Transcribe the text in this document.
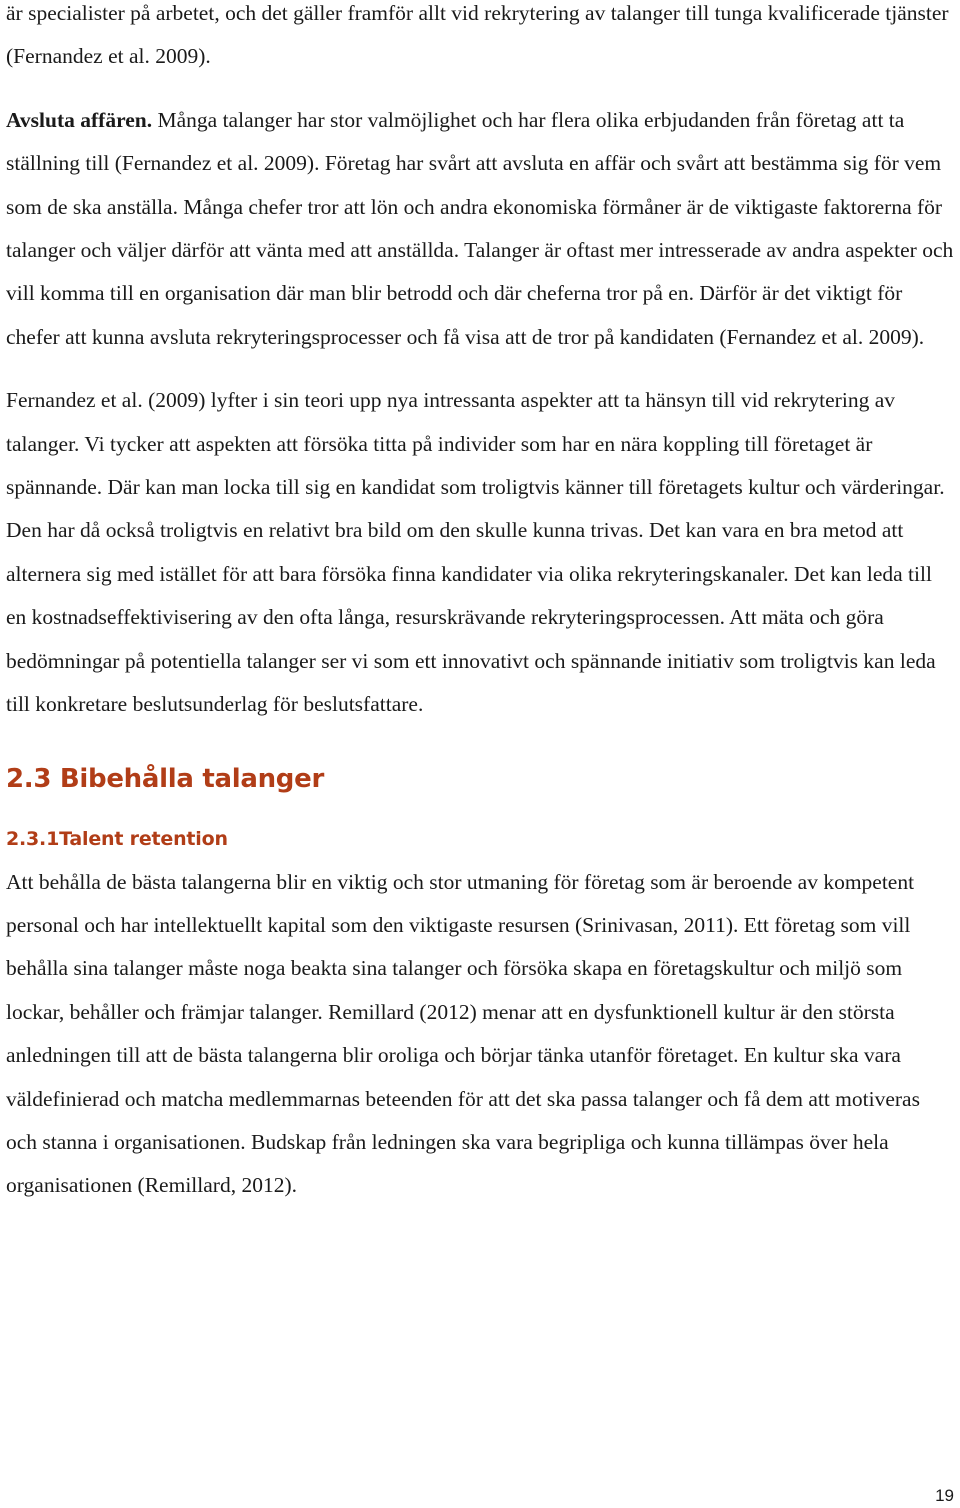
är specialister på arbetet, och det gäller framför allt vid rekrytering av talanger till tunga kvalificerade tjänster (Fernandez et al. 2009).

Avsluta affären. Många talanger har stor valmöjlighet och har flera olika erbjudanden från företag att ta ställning till (Fernandez et al. 2009). Företag har svårt att avsluta en affär och svårt att bestämma sig för vem som de ska anställa. Många chefer tror att lön och andra ekonomiska förmåner är de viktigaste faktorerna för talanger och väljer därför att vänta med att anställda. Talanger är oftast mer intresserade av andra aspekter och vill komma till en organisation där man blir betrodd och där cheferna tror på en. Därför är det viktigt för chefer att kunna avsluta rekryteringsprocesser och få visa att de tror på kandidaten (Fernandez et al. 2009).

Fernandez et al. (2009) lyfter i sin teori upp nya intressanta aspekter att ta hänsyn till vid rekrytering av talanger. Vi tycker att aspekten att försöka titta på individer som har en nära koppling till företaget är spännande. Där kan man locka till sig en kandidat som troligtvis känner till företagets kultur och värderingar. Den har då också troligtvis en relativt bra bild om den skulle kunna trivas. Det kan vara en bra metod att alternera sig med istället för att bara försöka finna kandidater via olika rekryteringskanaler. Det kan leda till en kostnadseffektivisering av den ofta långa, resurskrävande rekryteringsprocessen. Att mäta och göra bedömningar på potentiella talanger ser vi som ett innovativt och spännande initiativ som troligtvis kan leda till konkretare beslutsunderlag för beslutsfattare.

2.3 Bibehålla talanger
2.3.1Talent retention

Att behålla de bästa talangerna blir en viktig och stor utmaning för företag som är beroende av kompetent personal och har intellektuellt kapital som den viktigaste resursen (Srinivasan, 2011). Ett företag som vill behålla sina talanger måste noga beakta sina talanger och försöka skapa en företagskultur och miljö som lockar, behåller och främjar talanger. Remillard (2012) menar att en dysfunktionell kultur är den största anledningen till att de bästa talangerna blir oroliga och börjar tänka utanför företaget. En kultur ska vara väldefinierad och matcha medlemmarnas beteenden för att det ska passa talanger och få dem att motiveras och stanna i organisationen. Budskap från ledningen ska vara begripliga och kunna tillämpas över hela organisationen (Remillard, 2012).

19
